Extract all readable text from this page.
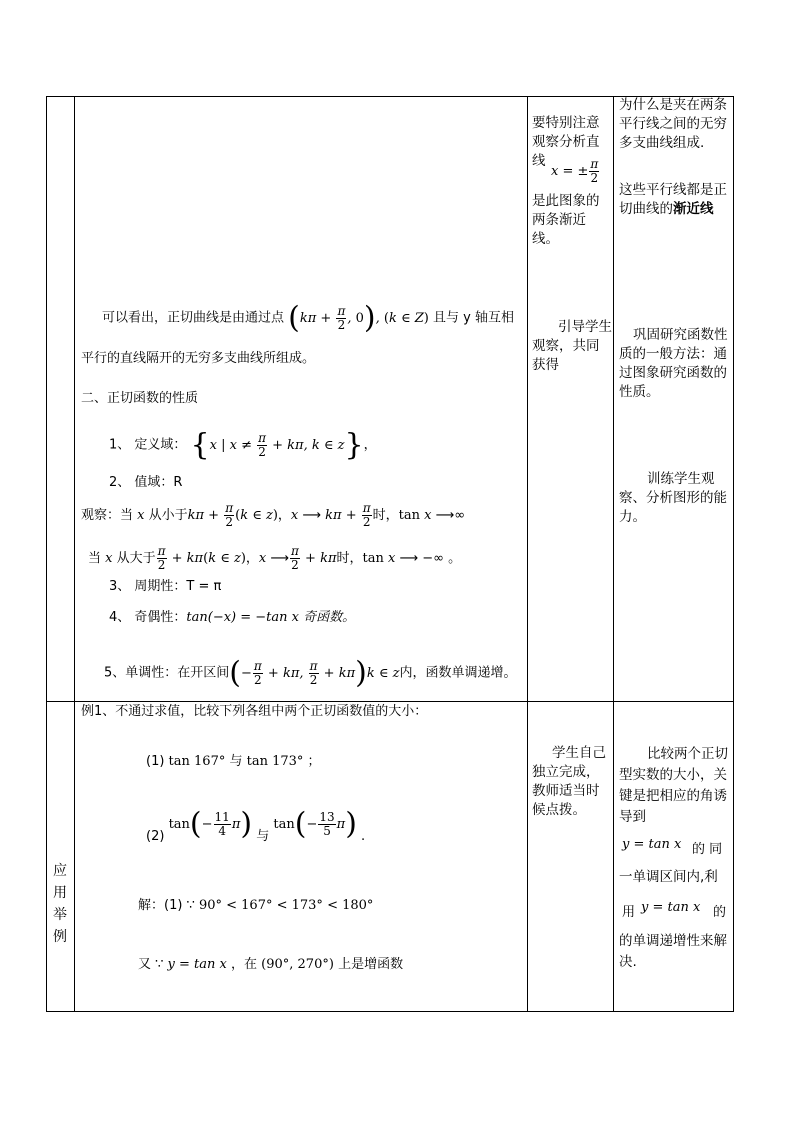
要特别注意观察分析直线
x = ± $\frac{\pi}{2}$
是此图象的两条渐近线。
为什么是夹在两条平行线之间的无穷多支曲线组成.
这些平行线都是正切曲线的渐近线
可以看出，正切曲线是由通过点 ($k\pi + \frac{\pi}{2}$ , 0), (k ∈ Z) 且与 y 轴互相
平行的直线隔开的无穷多支曲线所组成。
二、正切函数的性质
1、 定义域： {x | $x \ne \frac{\pi}{2} + k\pi$, k ∈ z}，
2、 值域：R
观察：当 x 从小于$k\pi + \frac{\pi}{2} (k$ ∈ z)，x ⟶ $k\pi + \frac{\pi}{2}$ 时，tan x ⟶∞
当 x 从大于 $\frac{\pi}{2} + k\pi(k$ ∈ z)，x ⟶ $\frac{\pi}{2} + k\pi$时，tan x ⟶ −∞ 。
3、 周期性：T = π
4、 奇偶性：tan(−x) = −tan x 奇函数。
5、单调性：在开区间(− $\frac{\pi}{2} + k\pi$, $\frac{\pi}{2} + k\pi)k$ ∈ z内，函数单调递增。
引导学生观察，共同获得
巩固研究函数性质的一般方法：通过图象研究函数的性质。
训练学生观察、分析图形的能力。
应
用
举
例
例1、不通过求值，比较下列各组中两个正切函数值的大小：
(1) tan 167° 与 tan 173° ；
(2) $\tan(- \frac{11}{4} \pi)$ 与 $\tan(- \frac{13}{5} \pi)$ .
解：(1) ∵ 90° < 167° < 173° < 180°
又 ∵ y = tan x ，在 (90°, 270°) 上是增函数
学生自己独立完成，教师适当时候点拨。
比较两个正切型实数的大小，关键是把相应的角诱导到
y = tan x 的 同
一单调区间内,利
用 y = tan x 的
的单调递增性来解决.
